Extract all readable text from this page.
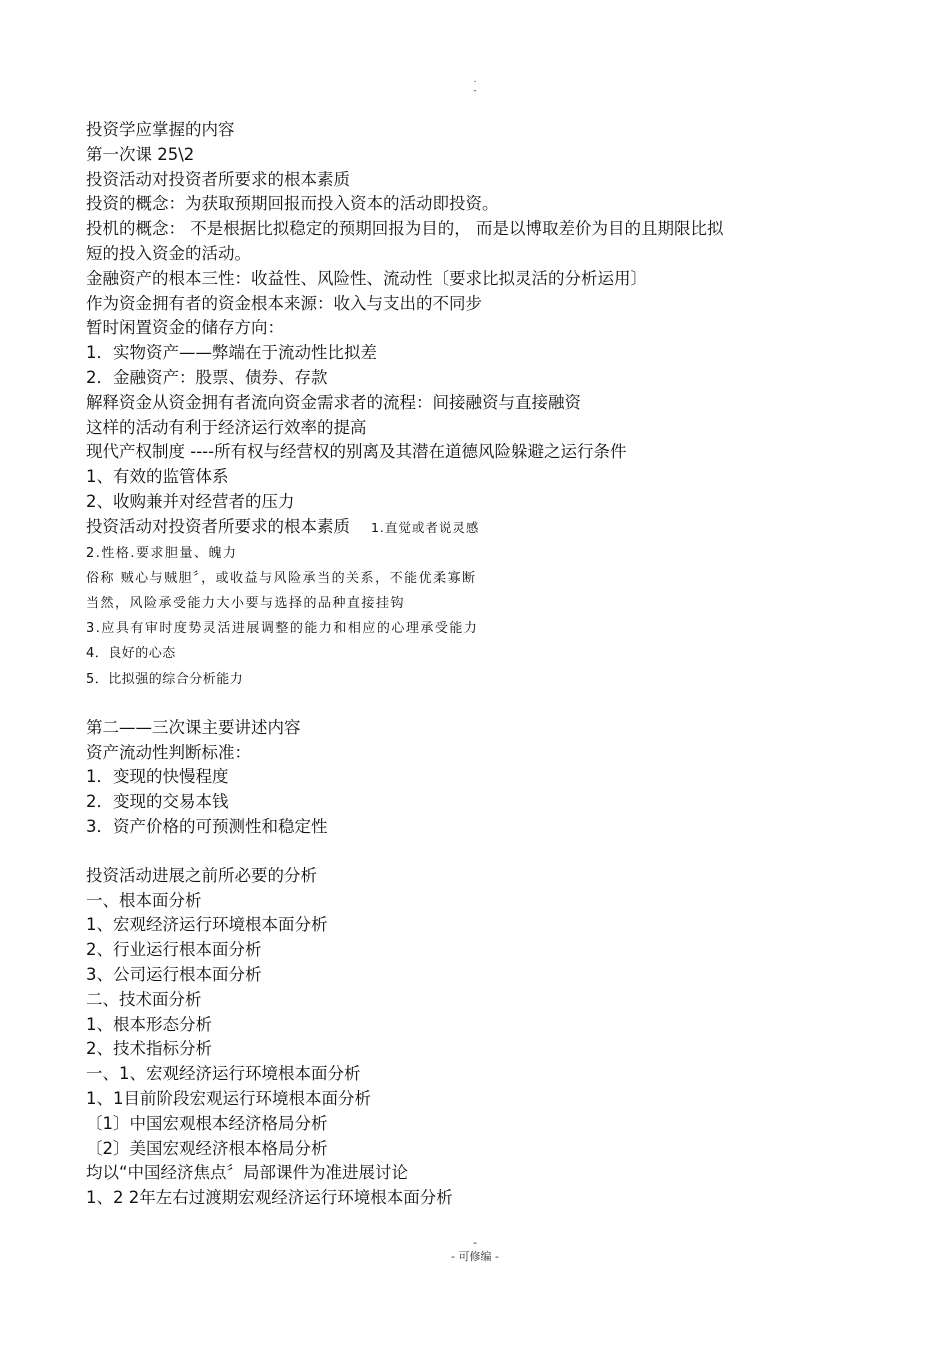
.
-
投资学应掌握的内容
第一次课 25\2
投资活动对投资者所要求的根本素质
投资的概念：为获取预期回报而投入资本的活动即投资。
投机的概念： 不是根据比拟稳定的预期回报为目的， 而是以博取差价为目的且期限比拟
短的投入资金的活动。
金融资产的根本三性：收益性、风险性、流动性〔要求比拟灵活的分析运用〕
作为资金拥有者的资金根本来源：收入与支出的不同步
暂时闲置资金的储存方向：
1．实物资产——弊端在于流动性比拟差
2．金融资产：股票、债券、存款
解释资金从资金拥有者流向资金需求者的流程：间接融资与直接融资
这样的活动有利于经济运行效率的提高
现代产权制度 ----所有权与经营权的别离及其潜在道德风险躲避之运行条件
1、有效的监管体系
2、收购兼并对经营者的压力
投资活动对投资者所要求的根本素质 1.直觉或者说灵感
2.性格.要求胆量、魄力
俗称 贼心与贼胆〞，或收益与风险承当的关系，不能优柔寡断
当然，风险承受能力大小要与选择的品种直接挂钩
3.应具有审时度势灵活进展调整的能力和相应的心理承受能力
4．良好的心态
5．比拟强的综合分析能力
第二——三次课主要讲述内容
资产流动性判断标准：
1．变现的快慢程度
2．变现的交易本钱
3．资产价格的可预测性和稳定性
投资活动进展之前所必要的分析
一、根本面分析
1、宏观经济运行环境根本面分析
2、行业运行根本面分析
3、公司运行根本面分析
二、技术面分析
1、根本形态分析
2、技术指标分析
一、1、宏观经济运行环境根本面分析
1、1目前阶段宏观运行环境根本面分析
〔1〕中国宏观根本经济格局分析
〔2〕美国宏观经济根本格局分析
均以“中国经济焦点〞局部课件为准进展讨论
1、2 2年左右过渡期宏观经济运行环境根本面分析
-
- 可修编 -
